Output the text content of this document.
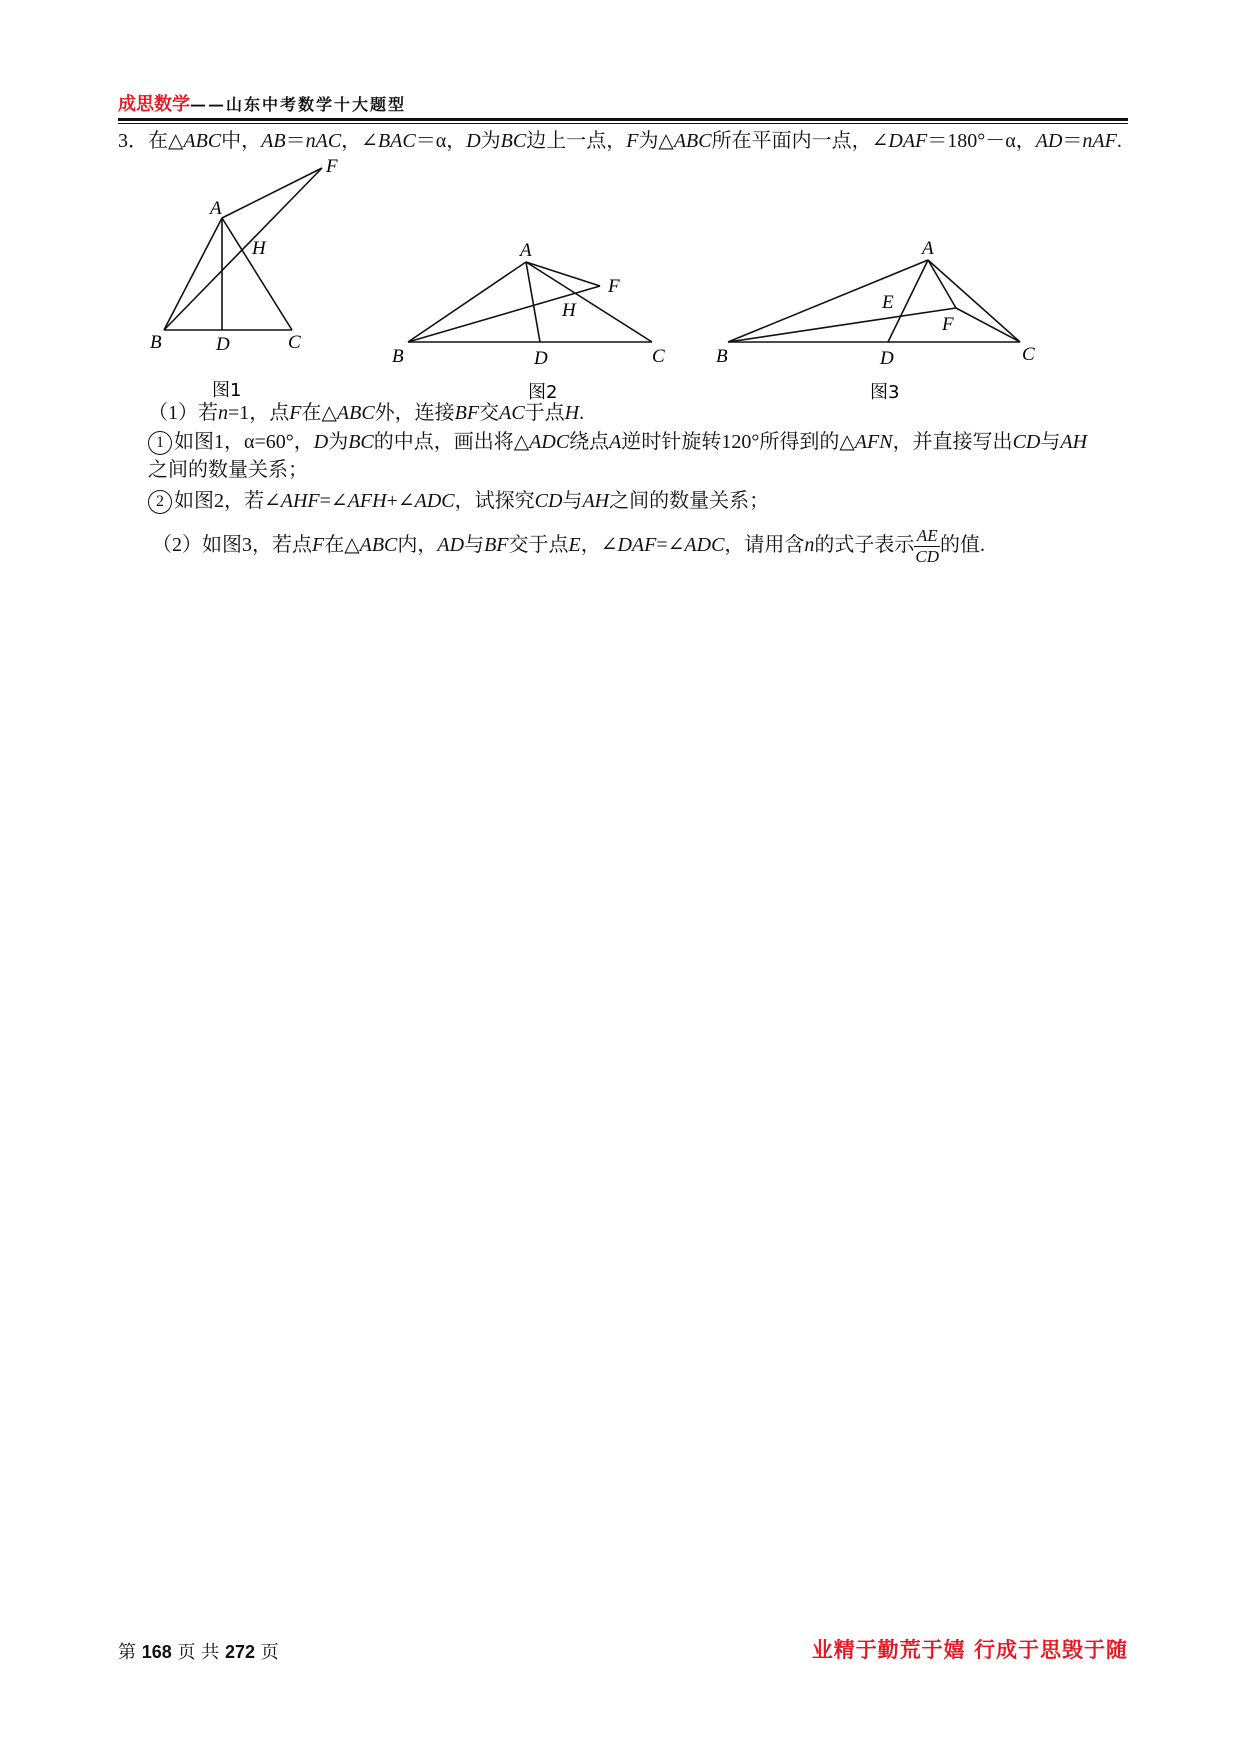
成思数学——山东中考数学十大题型
3．在△ABC中，AB＝nAC，∠BAC＝α，D为BC边上一点，F为△ABC所在平面内一点，∠DAF＝180°－α，AD＝nAF.
A
B	C
D
F
H
图1
A
B	C
D
F
H
图2
A
B	C
D
E
F
图3
（1）若n=1，点F在△ABC外，连接BF交AC于点H.
1 如图1，α=60°，D为BC的中点，画出将△ADC绕点A逆时针旋转120°所得到的△AFN，并直接写出CD与AH
之间的数量关系；
2 如图2，若∠AHF=∠AFH+∠ADC，试探究CD与AH之间的数量关系；
（2）如图3，若点F在△ABC内，AD与BF交于点E，∠DAF=∠ADC，请用含n的式子表示 $\frac{AE}{CD}$ 的值.
第 168 页 共 272 页	业精于勤荒于嬉 行成于思毁于随
